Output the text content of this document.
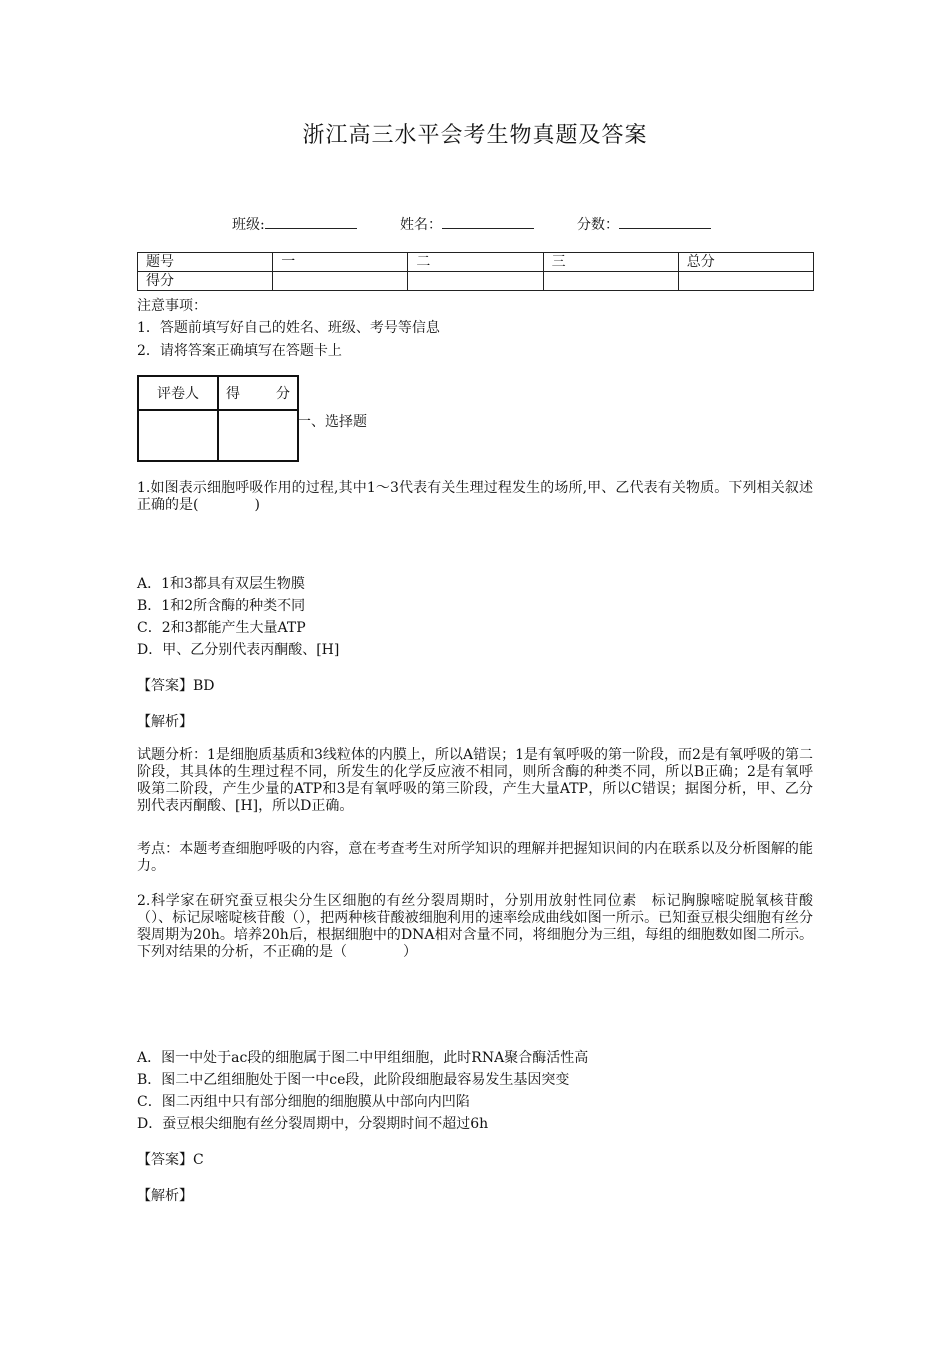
浙江高三水平会考生物真题及答案
班级:	姓名：	分数：
题号	一	二	三	总分
得分				
注意事项：
1．答题前填写好自己的姓名、班级、考号等信息
2．请将答案正确填写在答题卡上
评卷人	得 分

一、选择题
1.如图表示细胞呼吸作用的过程,其中1～3代表有关生理过程发生的场所,甲、乙代表有关物质。下列相关叙述正确的是(　　　　)
A．1和3都具有双层生物膜
B．1和2所含酶的种类不同
C．2和3都能产生大量ATP
D．甲、乙分别代表丙酮酸、[H]
【答案】BD
【解析】
试题分析：1是细胞质基质和3线粒体的内膜上，所以A错误；1是有氧呼吸的第一阶段，而2是有氧呼吸的第二阶段，其具体的生理过程不同，所发生的化学反应液不相同，则所含酶的种类不同，所以B正确；2是有氧呼吸第二阶段，产生少量的ATP和3是有氧呼吸的第三阶段，产生大量ATP，所以C错误；据图分析，甲、乙分别代表丙酮酸、[H]，所以D正确。
考点：本题考查细胞呼吸的内容，意在考查考生对所学知识的理解并把握知识间的内在联系以及分析图解的能力。
2.科学家在研究蚕豆根尖分生区细胞的有丝分裂周期时，分别用放射性同位素　标记胸腺嘧啶脱氧核苷酸（）、标记尿嘧啶核苷酸（），把两种核苷酸被细胞利用的速率绘成曲线如图一所示。已知蚕豆根尖细胞有丝分裂周期为20h。培养20h后，根据细胞中的DNA相对含量不同，将细胞分为三组，每组的细胞数如图二所示。下列对结果的分析，不正确的是（　　　　）
A．图一中处于ac段的细胞属于图二中甲组细胞，此时RNA聚合酶活性高
B．图二中乙组细胞处于图一中ce段，此阶段细胞最容易发生基因突变
C．图二丙组中只有部分细胞的细胞膜从中部向内凹陷
D．蚕豆根尖细胞有丝分裂周期中，分裂期时间不超过6h
【答案】C
【解析】
